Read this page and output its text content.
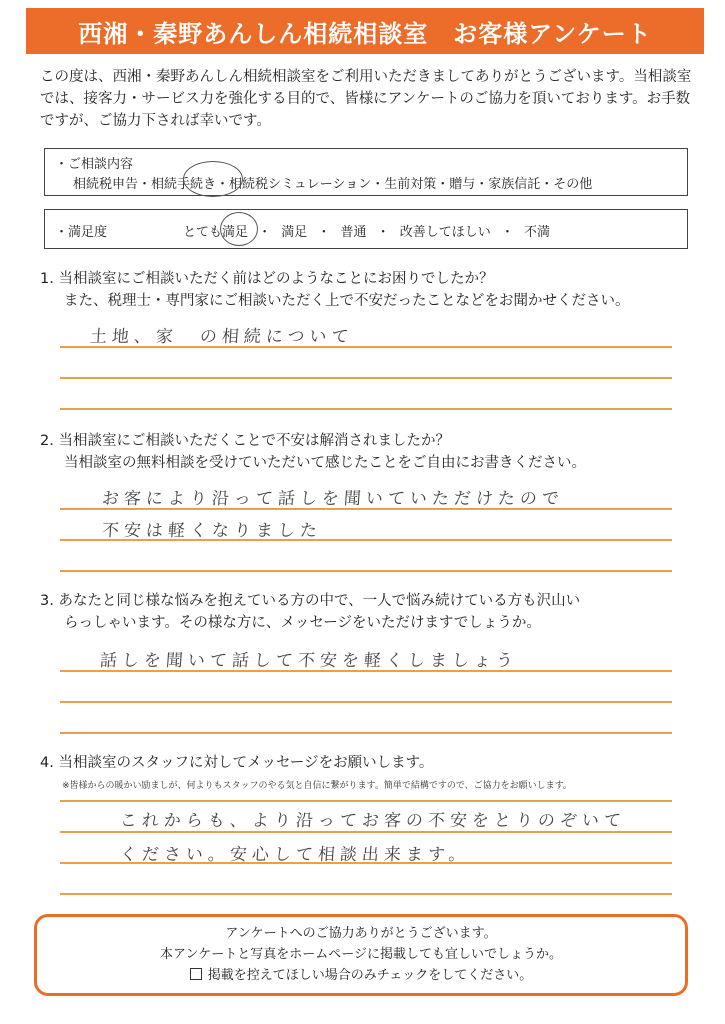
西湘・秦野あんしん相続相談室　お客様アンケート
この度は、西湘・秦野あんしん相続相談室をご利用いただきましてありがとうございます。当相談室では、接客力・サービス力を強化する目的で、皆様にアンケートのご協力を頂いております。お手数ですが、ご協力下されば幸いです。
・ご相談内容
相続税申告・相続手続き・相続税シミュレーション・生前対策・贈与・家族信託・その他
・満足度	とても満足 ・ 満足 ・ 普通 ・ 改善してほしい ・ 不満
1. 当相談室にご相談いただく前はどのようなことにお困りでしたか？
また、税理士・専門家にご相談いただく上で不安だったことなどをお聞かせください。
土地、家　の相続について
2. 当相談室にご相談いただくことで不安は解消されましたか？
当相談室の無料相談を受けていただいて感じたことをご自由にお書きください。
お客により沿って話しを聞いていただけたので
不安は軽くなりました
3. あなたと同じ様な悩みを抱えている方の中で、一人で悩み続けている方も沢山い
らっしゃいます。その様な方に、メッセージをいただけますでしょうか。
話しを聞いて話して不安を軽くしましょう
4. 当相談室のスタッフに対してメッセージをお願いします。
※皆様からの暖かい励ましが、何よりもスタッフのやる気と自信に繋がります。簡単で結構ですので、ご協力をお願いします。
これからも、より沿ってお客の不安をとりのぞいて
ください。安心して相談出来ます。
アンケートへのご協力ありがとうございます。
本アンケートと写真をホームページに掲載しても宜しいでしょうか。
掲載を控えてほしい場合のみチェックをしてください。
